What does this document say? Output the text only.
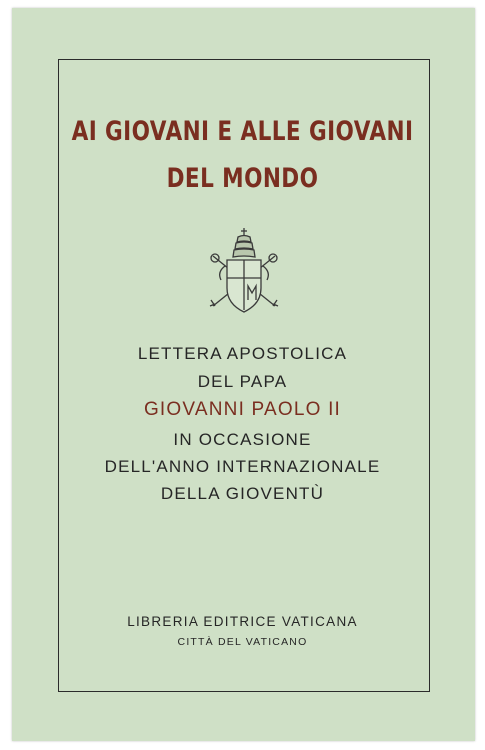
AI GIOVANI E ALLE GIOVANI
DEL MONDO
LETTERA APOSTOLICA
DEL PAPA
GIOVANNI PAOLO II
IN OCCASIONE
DELL'ANNO INTERNAZIONALE
DELLA GIOVENTÙ
LIBRERIA EDITRICE VATICANA
CITTÀ DEL VATICANO
